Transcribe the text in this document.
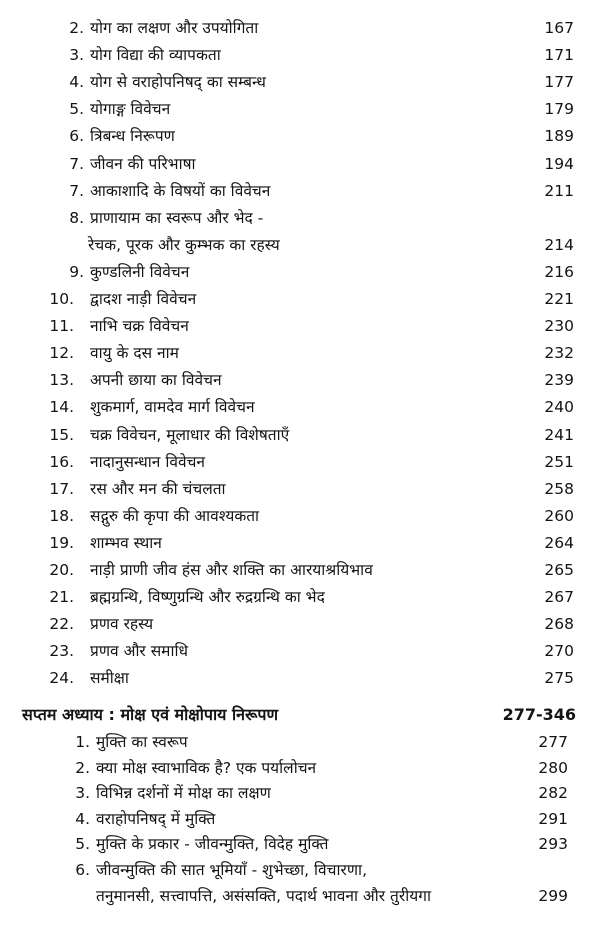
2. योग का लक्षण और उपयोगिता	167
3. योग विद्या की व्यापकता	171
4. योग से वराहोपनिषद् का सम्बन्ध	177
5. योगाङ्ग विवेचन	179
6. त्रिबन्ध निरूपण	189
7. जीवन की परिभाषा	194
7. आकाशादि के विषयों का विवेचन	211
8. प्राणायाम का स्वरूप और भेद -
रेचक, पूरक और कुम्भक का रहस्य	214
9. कुण्डलिनी विवेचन	216
10. द्वादश नाड़ी विवेचन	221
11. नाभि चक्र विवेचन	230
12. वायु के दस नाम	232
13. अपनी छाया का विवेचन	239
14. शुकमार्ग, वामदेव मार्ग विवेचन	240
15. चक्र विवेचन, मूलाधार की विशेषताएँ	241
16. नादानुसन्धान विवेचन	251
17. रस और मन की चंचलता	258
18. सद्गुरु की कृपा की आवश्यकता	260
19. शाम्भव स्थान	264
20. नाड़ी प्राणी जीव हंस और शक्ति का आरयाश्रयिभाव	265
21. ब्रह्मग्रन्थि, विष्णुग्रन्थि और रुद्रग्रन्थि का भेद	267
22. प्रणव रहस्य	268
23. प्रणव और समाधि	270
24. समीक्षा	275
सप्तम अध्याय : मोक्ष एवं मोक्षोपाय निरूपण	277-346
1. मुक्ति का स्वरूप	277
2. क्या मोक्ष स्वाभाविक है? एक पर्यालोचन	280
3. विभिन्न दर्शनों में मोक्ष का लक्षण	282
4. वराहोपनिषद् में मुक्ति	291
5. मुक्ति के प्रकार - जीवन्मुक्ति, विदेह मुक्ति	293
6. जीवन्मुक्ति की सात भूमियाँ - शुभेच्छा, विचारणा,
तनुमानसी, सत्त्वापत्ति, असंसक्ति, पदार्थ भावना और तुरीयगा	299
